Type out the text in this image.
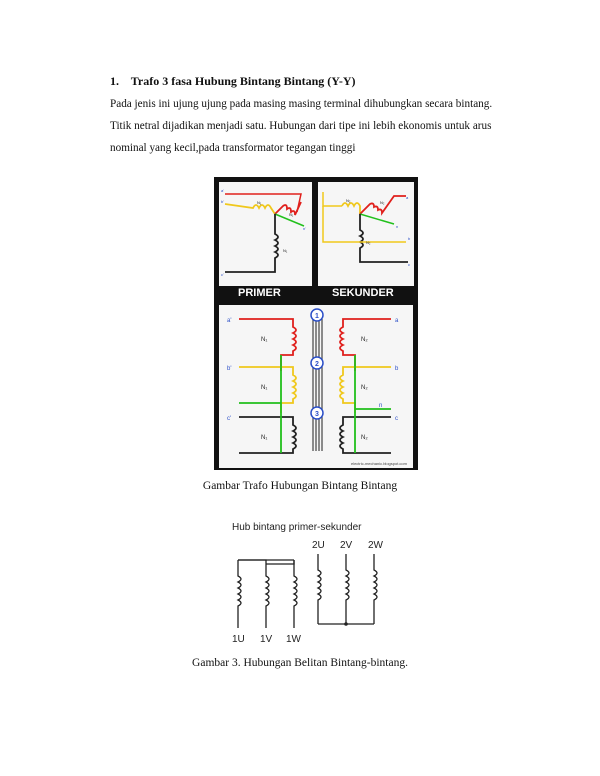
1. Trafo 3 fasa Hubung Bintang Bintang (Y-Y)
Pada jenis ini ujung ujung pada masing masing terminal dihubungkan secara bintang.
Titik netral dijadikan menjadi satu. Hubungan dari tipe ini lebih ekonomis untuk arus
nominal yang kecil,pada transformator tegangan tinggi
a'
b'
c'
N₁
N₁
N₁
n'
a
b
c
n
N₂	N₂
N₂
PRIMER	SEKUNDER
1
2
3
a'
b'
c'
a
b
c
n
N₁
N₁
N₁
N₂
N₂
N₂
electric-mechanic.blogspot.com
Gambar Trafo Hubungan Bintang Bintang
Hub bintang primer-sekunder
2U 2V 2W
1U 1V 1W
Gambar 3. Hubungan Belitan Bintang-bintang.
